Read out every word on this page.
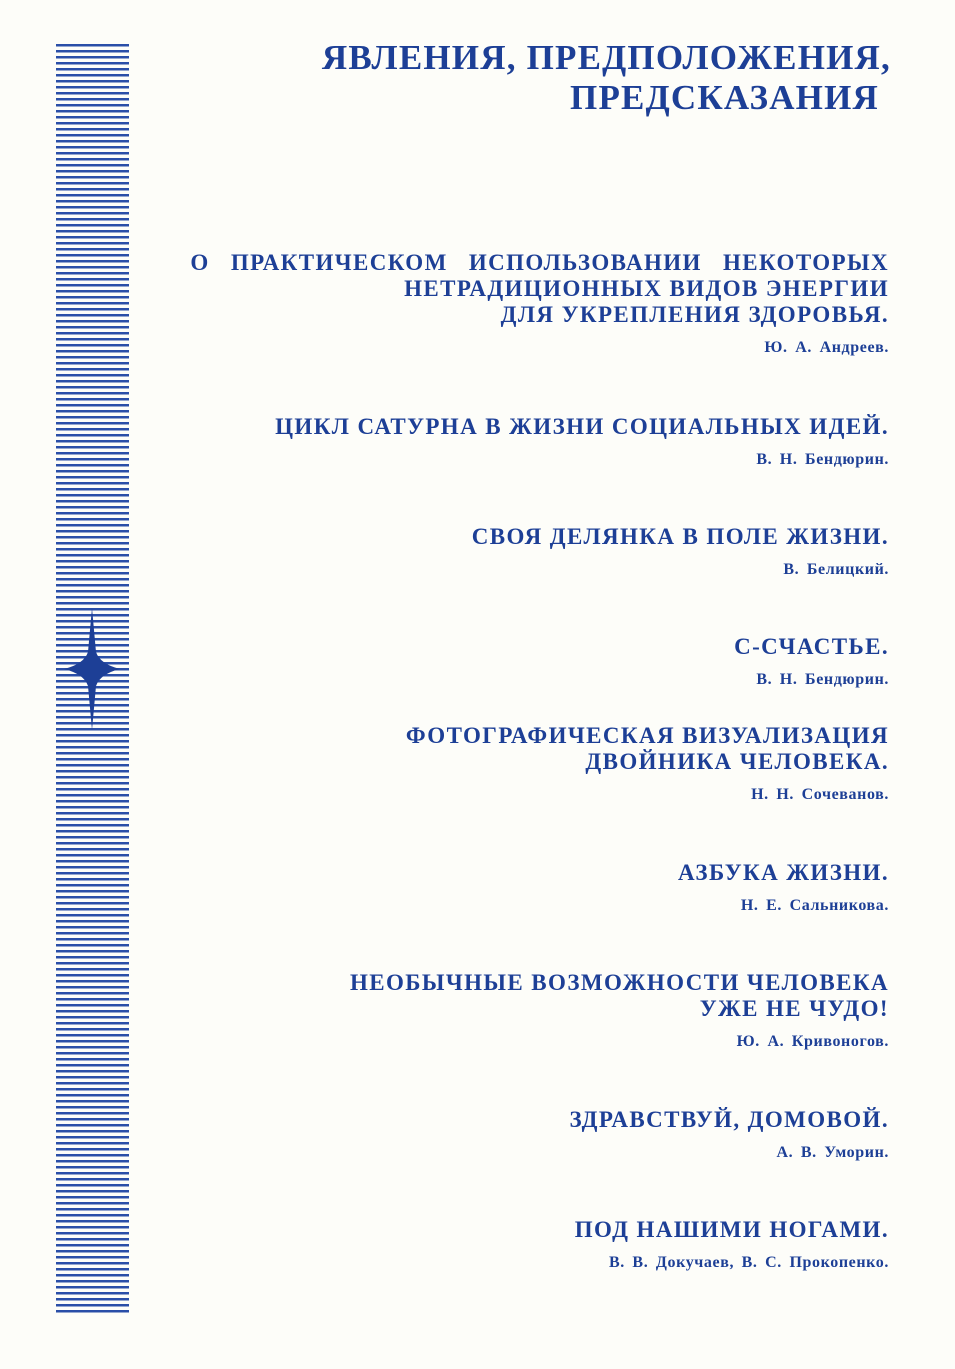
ЯВЛЕНИЯ, ПРЕДПОЛОЖЕНИЯ,
ПРЕДСКАЗАНИЯ
О ПРАКТИЧЕСКОМ ИСПОЛЬЗОВАНИИ НЕКОТОРЫХ
НЕТРАДИЦИОННЫХ ВИДОВ ЭНЕРГИИ
ДЛЯ УКРЕПЛЕНИЯ ЗДОРОВЬЯ.
Ю. А. Андреев.
ЦИКЛ САТУРНА В ЖИЗНИ СОЦИАЛЬНЫХ ИДЕЙ.
В. Н. Бендюрин.
СВОЯ ДЕЛЯНКА В ПОЛЕ ЖИЗНИ.
В. Белицкий.
С-СЧАСТЬЕ.
В. Н. Бендюрин.
ФОТОГРАФИЧЕСКАЯ ВИЗУАЛИЗАЦИЯ
ДВОЙНИКА ЧЕЛОВЕКА.
Н. Н. Сочеванов.
АЗБУКА ЖИЗНИ.
Н. Е. Сальникова.
НЕОБЫЧНЫЕ ВОЗМОЖНОСТИ ЧЕЛОВЕКА
УЖЕ НЕ ЧУДО!
Ю. А. Кривоногов.
ЗДРАВСТВУЙ, ДОМОВОЙ.
А. В. Уморин.
ПОД НАШИМИ НОГАМИ.
В. В. Докучаев, В. С. Прокопенко.
